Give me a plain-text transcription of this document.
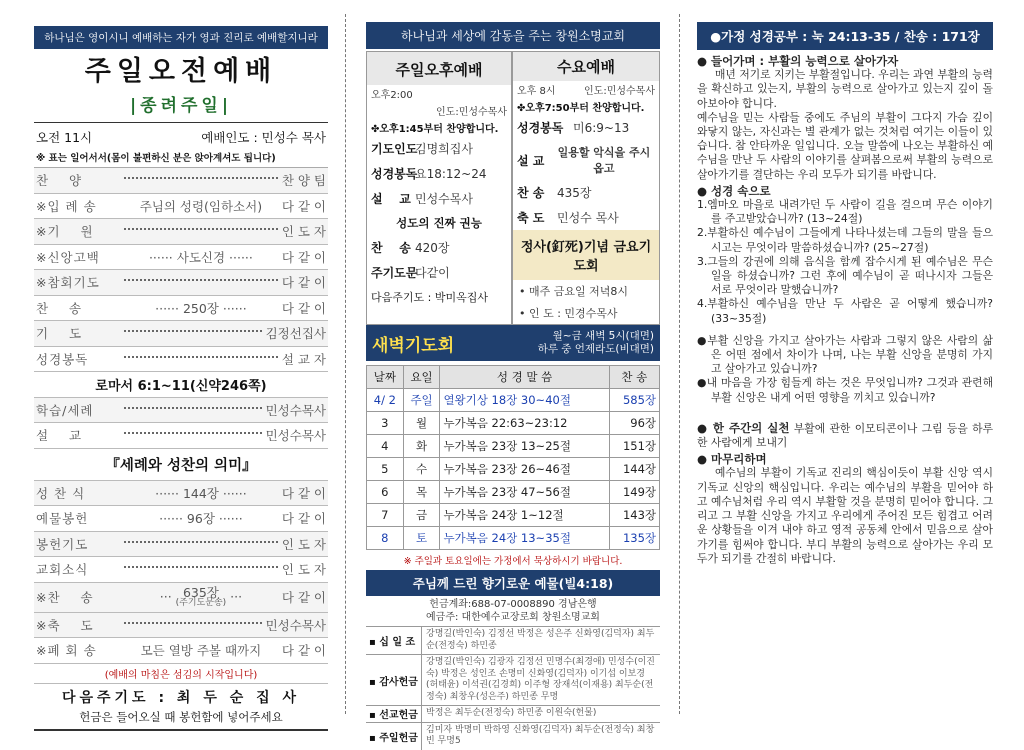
하나님은 영이시니 예배하는 자가 영과 진리로 예배할지니라
주일오전예배
|종려주일|
오전 11시	예배인도 : 민성수 목사
※ 표는 일어서서(몸이 불편하신 분은 앉아계셔도 됩니다)
찬    양	찬 양 팀
※입 례 송	주님의 성령(임하소서)	다 같 이
※기    원	인 도 자
※신앙고백	······ 사도신경 ······	다 같 이
※참회기도	다 같 이
찬    송	······ 250장 ······	다 같 이
기    도	김정선집사
성경봉독	설 교 자
로마서 6:1~11(신약246쪽)
학습/세례	민성수목사
설    교	민성수목사
『세례와 성찬의 의미』
성 찬 식	······ 144장 ······	다 같 이
예물봉헌	······ 96장 ······	다 같 이
봉헌기도	인 도 자
교회소식	인 도 자
※찬    송	··· 635장
(주기도문송) ···	다 같 이
※축    도	민성수목사
※폐 회 송	모든 열방 주볼 때까지	다 같 이
(예배의 마침은 섬김의 시작입니다)
다음주기도 : 최 두 순 집 사
헌금은 들어오실 때 봉헌함에 넣어주세요
하나님과 세상에 감동을 주는 창원소명교회
주일오후예배
오후2:00
인도:민성수목사
✤오후1:45부터 찬양합니다.
기도인도
김명희집사
성경봉독
요18:12~24
설    교 민성수목사
성도의 진짜 권능
찬    송 420장
주기도문
다같이
다음주기도 : 박미옥집사
수요예배
오후 8시	인도:민성수목사
✤오후7:50부터 찬양합니다.
성경봉독 미6:9~13
설 교
일용할 악식을 주시옵고
찬 송	435장
축 도	민성수 목사
정사(釘死)기념 금요기도회
• 매주 금요일 저녁8시
• 인 도 : 민경수목사
새벽기도회	월~금 새벽 5시(대면)
하루 중 언제라도(비대면)
날짜	요일	성 경 말 씀	찬 송
4/ 2	주일	열왕기상 18장 30~40절	585장
3	월	누가복음 22:63~23:12	96장
4	화	누가복음 23장 13~25절	151장
5	수	누가복음 23장 26~46절	144장
6	목	누가복음 23장 47~56절	149장
7	금	누가복음 24장 1~12절	143장
8	토	누가복음 24장 13~35절	135장
※ 주일과 토요일에는 가정에서 묵상하시기 바랍니다.
주님께 드린 향기로운 예물(빌4:18)
헌금계좌:688-07-0008890 경남은행
예금주: 대한예수교장로회 창원소명교회
▪ 십 일 조
강명길(박인숙) 김정선 박정은 성은주 신화영(김덕자) 최두순(전정숙) 하민종
▪ 감사헌금
강명길(박인숙) 김광자 김정선 민명수(최경애) 민성수(이진숙) 박정은 성인조 손명미 신화영(김덕자) 이기섭 이보경(허태윤) 이석권(김경희) 이주형 장재석(이재용) 최두순(전정숙) 최창우(성은주) 하민종 무명
▪ 선교헌금 박정은 최두순(전정숙) 하민종 이원숙(헌물)
▪ 주일헌금
김미자 박명미 박하영 신화영(김덕자) 최두순(전정숙) 최창빈 무명5
●가정 성경공부 : 눅 24:13-35 / 찬송 : 171장
● 들어가며 : 부활의 능력으로 살아가자
매년 저기로 지키는 부활절입니다. 우리는 과연 부활의 능력을 확신하고 있는지, 부활의 능력으로 살아가고 있는지 깊이 돌아보아야 합니다.
예수님을 믿는 사람들 중에도 주님의 부활이 그다지 가슴 깊이 와닿지 않는, 자신과는 별 관계가 없는 것처럼 여기는 이들이 있습니다. 참 안타까운 일입니다. 오늘 말씀에 나오는 부활하신 예수님을 만난 두 사람의 이야기를 살펴봄으로써 부활의 능력으로 살아가기를 결단하는 우리 모두가 되기를 바랍니다.
● 성경 속으로
1.엠마오 마을로 내려가던 두 사람이 길을 걸으며 무슨 이야기를 주고받았습니까? (13~24절)
2.부활하신 예수님이 그들에게 나타나셨는데 그들의 말을 들으시고는 무엇이라 말씀하셨습니까? (25~27절)
3.그들의 강권에 의해 음식을 함께 잡수시게 된 예수님은 무슨 일을 하셨습니까? 그런 후에 예수님이 곧 떠나시자 그들은 서로 무엇이라 말했습니까?
4.부활하신 예수님을 만난 두 사람은 곧 어떻게 했습니까? (33~35절)
●부활 신앙을 가지고 살아가는 사람과 그렇지 않은 사람의 삶은 어떤 점에서 차이가 나며, 나는 부활 신앙을 분명히 가지고 살아가고 있습니까?
●내 마음을 가장 힘들게 하는 것은 무엇입니까? 그것과 관련해 부활 신앙은 내게 어떤 영향을 끼치고 있습니까?
● 한 주간의 실천 부활에 관한 이모티콘이나 그림 등을 하루 한 사람에게 보내기
● 마무리하며
예수님의 부활이 기독교 진리의 핵심이듯이 부활 신앙 역시 기독교 신앙의 핵심입니다. 우리는 예수님의 부활을 믿어야 하고 예수님처럼 우리 역시 부활할 것을 분명히 믿어야 합니다. 그리고 그 부활 신앙을 가지고 우리에게 주어진 모든 힘겹고 어려운 상황들을 이겨 내야 하고 영적 공동체 안에서 믿음으로 살아가기를 힘써야 합니다. 부디 부활의 능력으로 살아가는 우리 모두가 되기를 간절히 바랍니다.
